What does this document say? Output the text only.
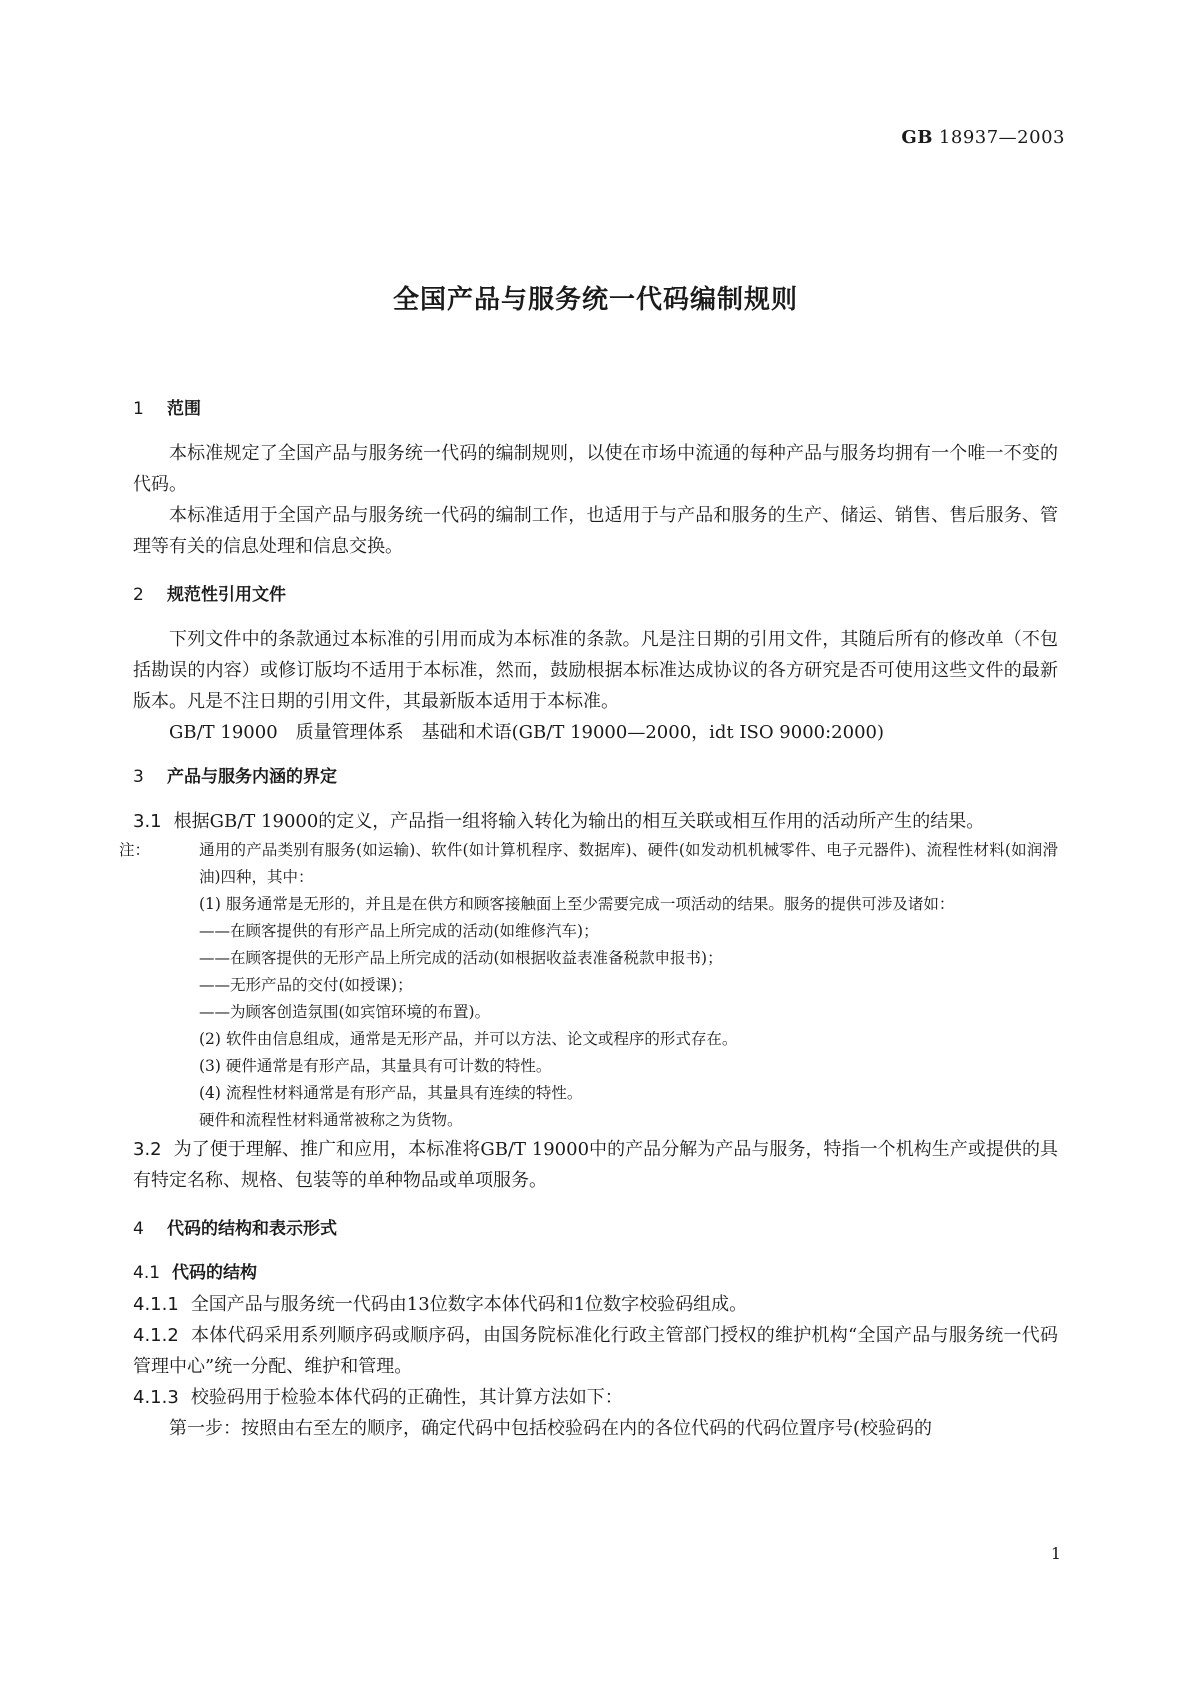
GB 18937—2003
全国产品与服务统一代码编制规则
1 范围

本标准规定了全国产品与服务统一代码的编制规则，以使在市场中流通的每种产品与服务均拥有一个唯一不变的代码。

本标准适用于全国产品与服务统一代码的编制工作，也适用于与产品和服务的生产、储运、销售、售后服务、管理等有关的信息处理和信息交换。

2 规范性引用文件

下列文件中的条款通过本标准的引用而成为本标准的条款。凡是注日期的引用文件，其随后所有的修改单（不包括勘误的内容）或修订版均不适用于本标准，然而，鼓励根据本标准达成协议的各方研究是否可使用这些文件的最新版本。凡是不注日期的引用文件，其最新版本适用于本标准。

GB/T 19000　质量管理体系　基础和术语(GB/T 19000—2000，idt ISO 9000:2000)

3 产品与服务内涵的界定

3.1 根据GB/T 19000的定义，产品指一组将输入转化为输出的相互关联或相互作用的活动所产生的结果。

注：	通用的产品类别有服务(如运输)、软件(如计算机程序、数据库)、硬件(如发动机机械零件、电子元器件)、流程性材料(如润滑油)四种，其中：

(1) 服务通常是无形的，并且是在供方和顾客接触面上至少需要完成一项活动的结果。服务的提供可涉及诸如：

——在顾客提供的有形产品上所完成的活动(如维修汽车)；

——在顾客提供的无形产品上所完成的活动(如根据收益表准备税款申报书)；

——无形产品的交付(如授课)；

——为顾客创造氛围(如宾馆环境的布置)。

(2) 软件由信息组成，通常是无形产品，并可以方法、论文或程序的形式存在。

(3) 硬件通常是有形产品，其量具有可计数的特性。

(4) 流程性材料通常是有形产品，其量具有连续的特性。

硬件和流程性材料通常被称之为货物。

3.2 为了便于理解、推广和应用，本标准将GB/T 19000中的产品分解为产品与服务，特指一个机构生产或提供的具有特定名称、规格、包装等的单种物品或单项服务。

4 代码的结构和表示形式

4.1 代码的结构

4.1.1 全国产品与服务统一代码由13位数字本体代码和1位数字校验码组成。

4.1.2 本体代码采用系列顺序码或顺序码，由国务院标准化行政主管部门授权的维护机构“全国产品与服务统一代码管理中心”统一分配、维护和管理。

4.1.3 校验码用于检验本体代码的正确性，其计算方法如下：

第一步：按照由右至左的顺序，确定代码中包括校验码在内的各位代码的代码位置序号(校验码的

1
